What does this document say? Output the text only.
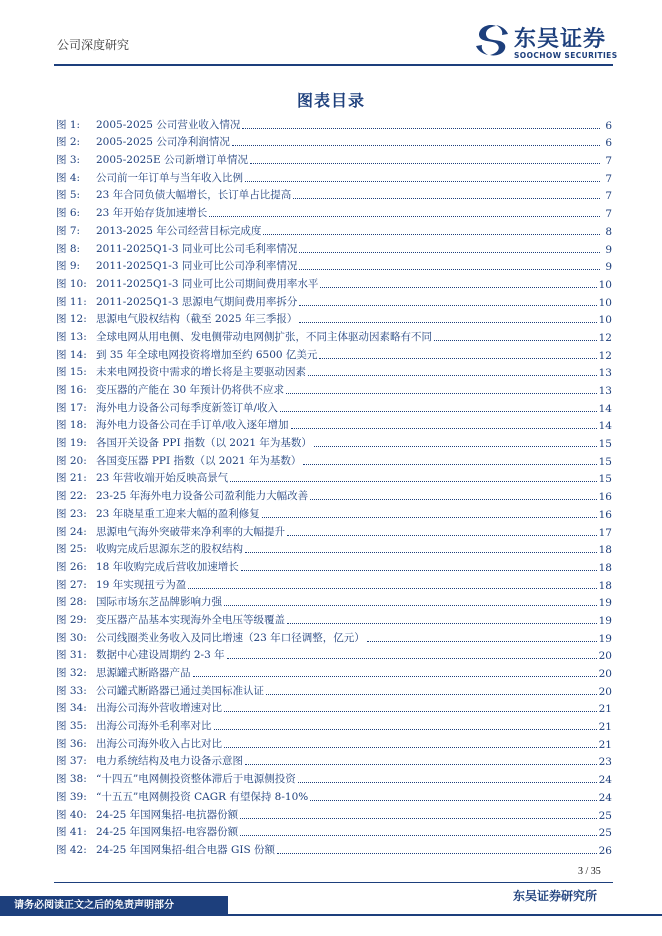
公司深度研究	东吴证券
SOOCHOW SECURITIES
图表目录
图 1:	2005-2025 公司营业收入情况	6
图 2:	2005-2025 公司净利润情况	6
图 3:	2005-2025E 公司新增订单情况	7
图 4:	公司前一年订单与当年收入比例	7
图 5:	23 年合同负债大幅增长，长订单占比提高	7
图 6:	23 年开始存货加速增长	7
图 7:	2013-2025 年公司经营目标完成度	8
图 8:	2011-2025Q1-3 同业可比公司毛利率情况	9
图 9:	2011-2025Q1-3 同业可比公司净利率情况	9
图 10: 2011-2025Q1-3 同业可比公司期间费用率水平	10
图 11: 2011-2025Q1-3 思源电气期间费用率拆分	10
图 12: 思源电气股权结构（截至 2025 年三季报）	10
图 13: 全球电网从用电侧、发电侧带动电网侧扩张，不同主体驱动因素略有不同	12
图 14: 到 35 年全球电网投资将增加至约 6500 亿美元	12
图 15: 未来电网投资中需求的增长将是主要驱动因素	13
图 16: 变压器的产能在 30 年预计仍将供不应求	13
图 17: 海外电力设备公司每季度新签订单/收入	14
图 18: 海外电力设备公司在手订单/收入逐年增加	14
图 19: 各国开关设备 PPI 指数（以 2021 年为基数）	15
图 20: 各国变压器 PPI 指数（以 2021 年为基数）	15
图 21: 23 年营收端开始反映高景气	15
图 22: 23-25 年海外电力设备公司盈利能力大幅改善	16
图 23: 23 年晓星重工迎来大幅的盈利修复	16
图 24: 思源电气海外突破带来净利率的大幅提升	17
图 25: 收购完成后思源东芝的股权结构	18
图 26: 18 年收购完成后营收加速增长	18
图 27: 19 年实现扭亏为盈	18
图 28: 国际市场东芝品牌影响力强	19
图 29: 变压器产品基本实现海外全电压等级覆盖	19
图 30: 公司线圈类业务收入及同比增速（23 年口径调整，亿元）	19
图 31: 数据中心建设周期约 2-3 年	20
图 32: 思源罐式断路器产品	20
图 33: 公司罐式断路器已通过美国标准认证	20
图 34: 出海公司海外营收增速对比	21
图 35: 出海公司海外毛利率对比	21
图 36: 出海公司海外收入占比对比	21
图 37: 电力系统结构及电力设备示意图	23
图 38: “十四五”电网侧投资整体滞后于电源侧投资	24
图 39: “十五五”电网侧投资 CAGR 有望保持 8-10%	24
图 40: 24-25 年国网集招-电抗器份额	25
图 41: 24-25 年国网集招-电容器份额	25
图 42: 24-25 年国网集招-组合电器 GIS 份额	26
3 / 35
东吴证券研究所
请务必阅读正文之后的免责声明部分
